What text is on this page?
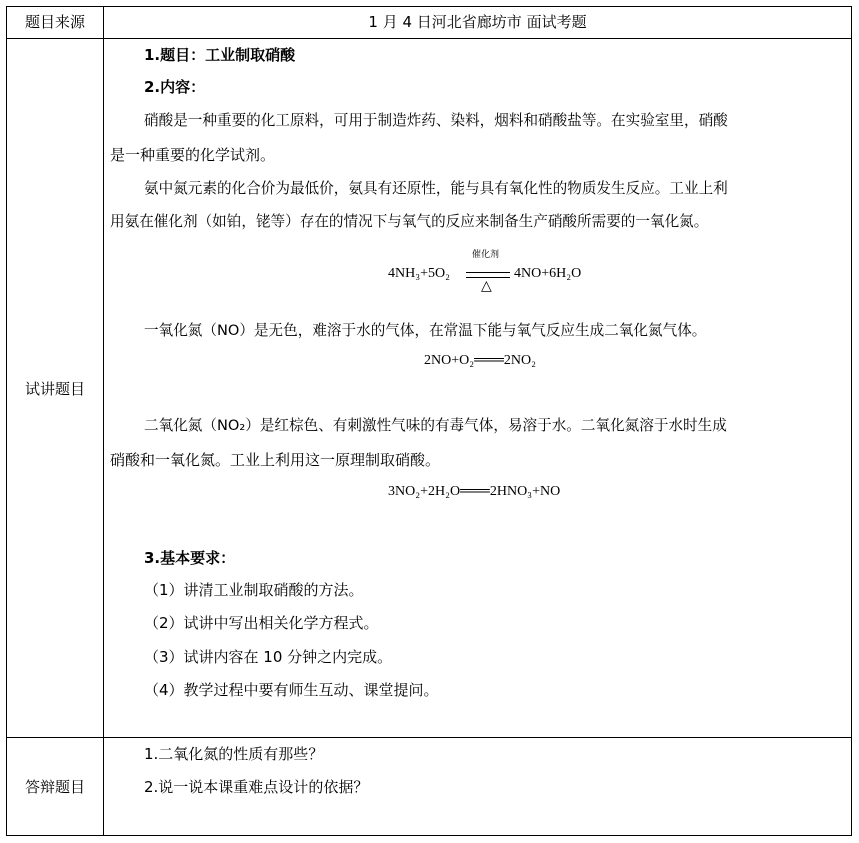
题目来源	1 月 4 日河北省廊坊市 面试考题
试讲题目
1.题目：工业制取硝酸
2.内容：
硝酸是一种重要的化工原料，可用于制造炸药、染料，烟料和硝酸盐等。在实验室里，硝酸
是一种重要的化学试剂。
氨中氮元素的化合价为最低价，氨具有还原性，能与具有氧化性的物质发生反应。工业上利
用氨在催化剂（如铂，铑等）存在的情况下与氧气的反应来制备生产硝酸所需要的一氧化氮。
4NH₃+5O₂
催化剂
△
4NO+6H₂O
一氧化氮（NO）是无色，难溶于水的气体，在常温下能与氧气反应生成二氧化氮气体。
2NO+O₂═══2NO₂
二氧化氮（NO₂）是红棕色、有刺激性气味的有毒气体，易溶于水。二氧化氮溶于水时生成
硝酸和一氧化氮。工业上利用这一原理制取硝酸。
3NO₂+2H₂O═══2HNO₃+NO
3.基本要求：
（1）讲清工业制取硝酸的方法。
（2）试讲中写出相关化学方程式。
（3）试讲内容在 10 分钟之内完成。
（4）教学过程中要有师生互动、课堂提问。
答辩题目
1.二氧化氮的性质有那些？
2.说一说本课重难点设计的依据？
